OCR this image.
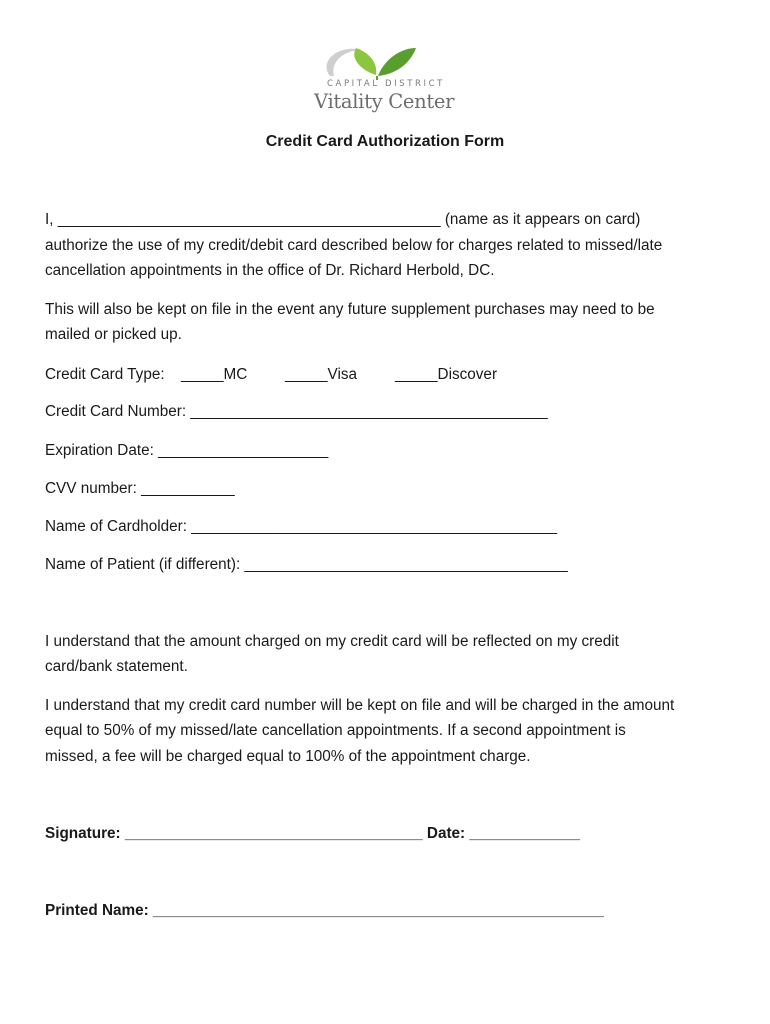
CAPITAL DISTRICT
Vitality Center
Credit Card Authorization Form
I, _____________________________________________ (name as it appears on card)
authorize the use of my credit/debit card described below for charges related to missed/late
cancellation appointments in the office of Dr. Richard Herbold, DC.
This will also be kept on file in the event any future supplement purchases may need to be
mailed or picked up.
Credit Card Type: _____MC _____Visa _____Discover
Credit Card Number: __________________________________________
Expiration Date: ____________________
CVV number: ___________
Name of Cardholder: ___________________________________________
Name of Patient (if different): ______________________________________
I understand that the amount charged on my credit card will be reflected on my credit
card/bank statement.
I understand that my credit card number will be kept on file and will be charged in the amount
equal to 50% of my missed/late cancellation appointments. If a second appointment is
missed, a fee will be charged equal to 100% of the appointment charge.
Signature: ___________________________________ Date: _____________
Printed Name: _____________________________________________________
